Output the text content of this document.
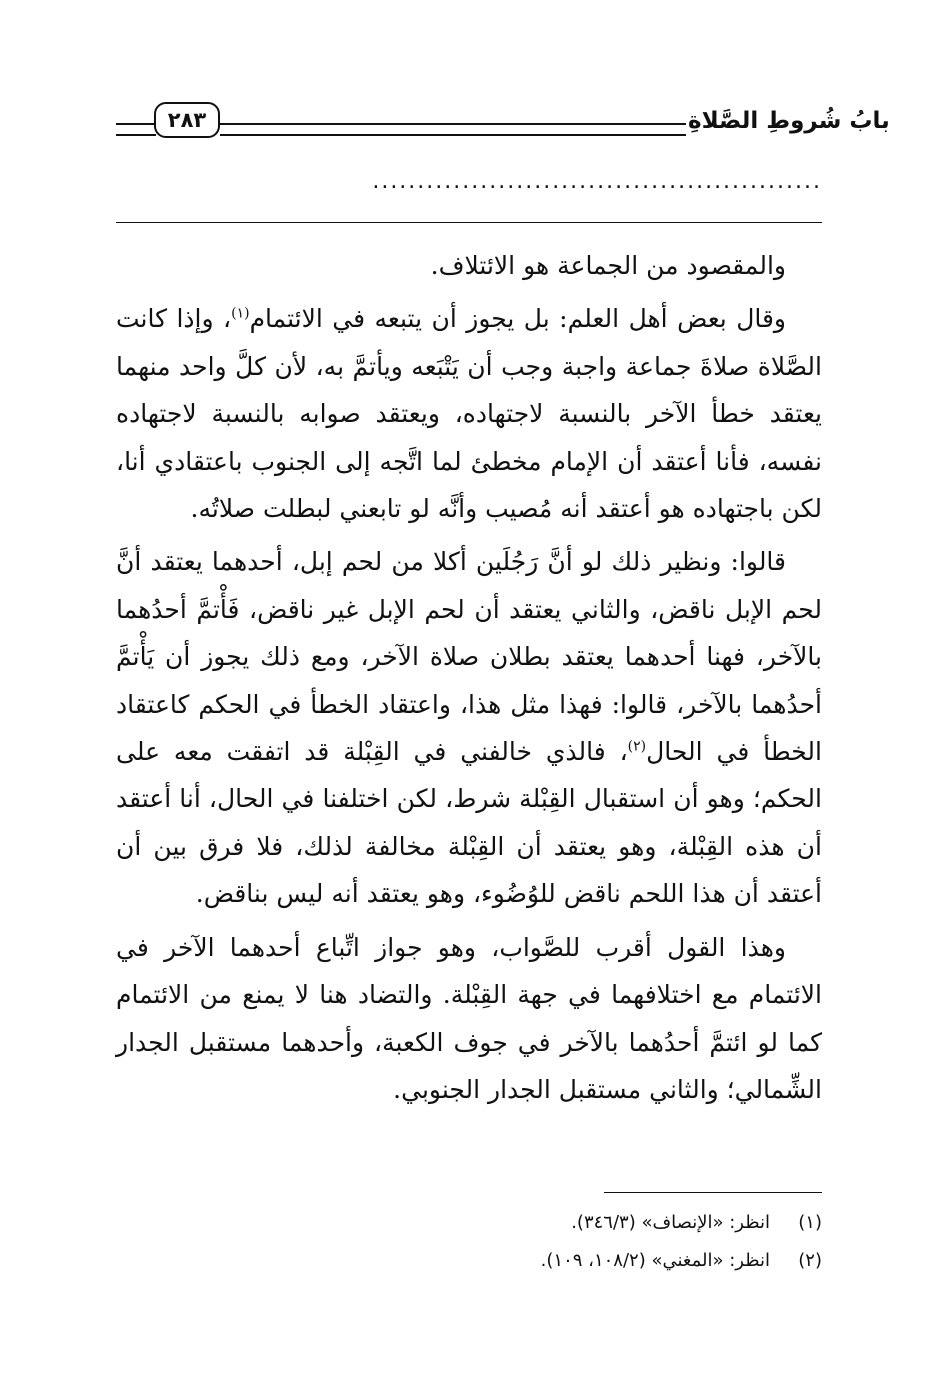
٢٨٣	بابُ شُروطِ الصَّلاةِ
..................................................

والمقصود من الجماعة هو الائتلاف.

وقال بعض أهل العلم: بل يجوز أن يتبعه في الائتمام$^{(١)}$، وإذا كانت الصَّلاة صلاةَ جماعة واجبة وجب أن يَتْبَعه ويأتمَّ به، لأن كلَّ واحد منهما يعتقد خطأ الآخر بالنسبة لاجتهاده، ويعتقد صوابه بالنسبة لاجتهاده نفسه، فأنا أعتقد أن الإمام مخطئ لما اتَّجه إلى الجنوب باعتقادي أنا، لكن باجتهاده هو أعتقد أنه مُصيب وأنَّه لو تابعني لبطلت صلاتُه.

قالوا: ونظير ذلك لو أنَّ رَجُلَين أكلا من لحم إبل، أحدهما يعتقد أنَّ لحم الإبل ناقض، والثاني يعتقد أن لحم الإبل غير ناقض، فَأْتمَّ أحدُهما بالآخر، فهنا أحدهما يعتقد بطلان صلاة الآخر، ومع ذلك يجوز أن يَأْتمَّ أحدُهما بالآخر، قالوا: فهذا مثل هذا، واعتقاد الخطأ في الحكم كاعتقاد الخطأ في الحال$^{(٢)}$، فالذي خالفني في القِبْلة قد اتفقت معه على الحكم؛ وهو أن استقبال القِبْلة شرط، لكن اختلفنا في الحال، أنا أعتقد أن هذه القِبْلة، وهو يعتقد أن القِبْلة مخالفة لذلك، فلا فرق بين أن أعتقد أن هذا اللحم ناقض للوُضُوء، وهو يعتقد أنه ليس بناقض.

وهذا القول أقرب للصَّواب، وهو جواز اتِّباع أحدهما الآخر في الائتمام مع اختلافهما في جهة القِبْلة. والتضاد هنا لا يمنع من الائتمام كما لو ائتمَّ أحدُهما بالآخر في جوف الكعبة، وأحدهما مستقبل الجدار الشِّمالي؛ والثاني مستقبل الجدار الجنوبي.

(١)
انظر: «الإنصاف» (٣٤٦/٣).
(٢)
انظر: «المغني» (١٠٨/٢، ١٠٩).
